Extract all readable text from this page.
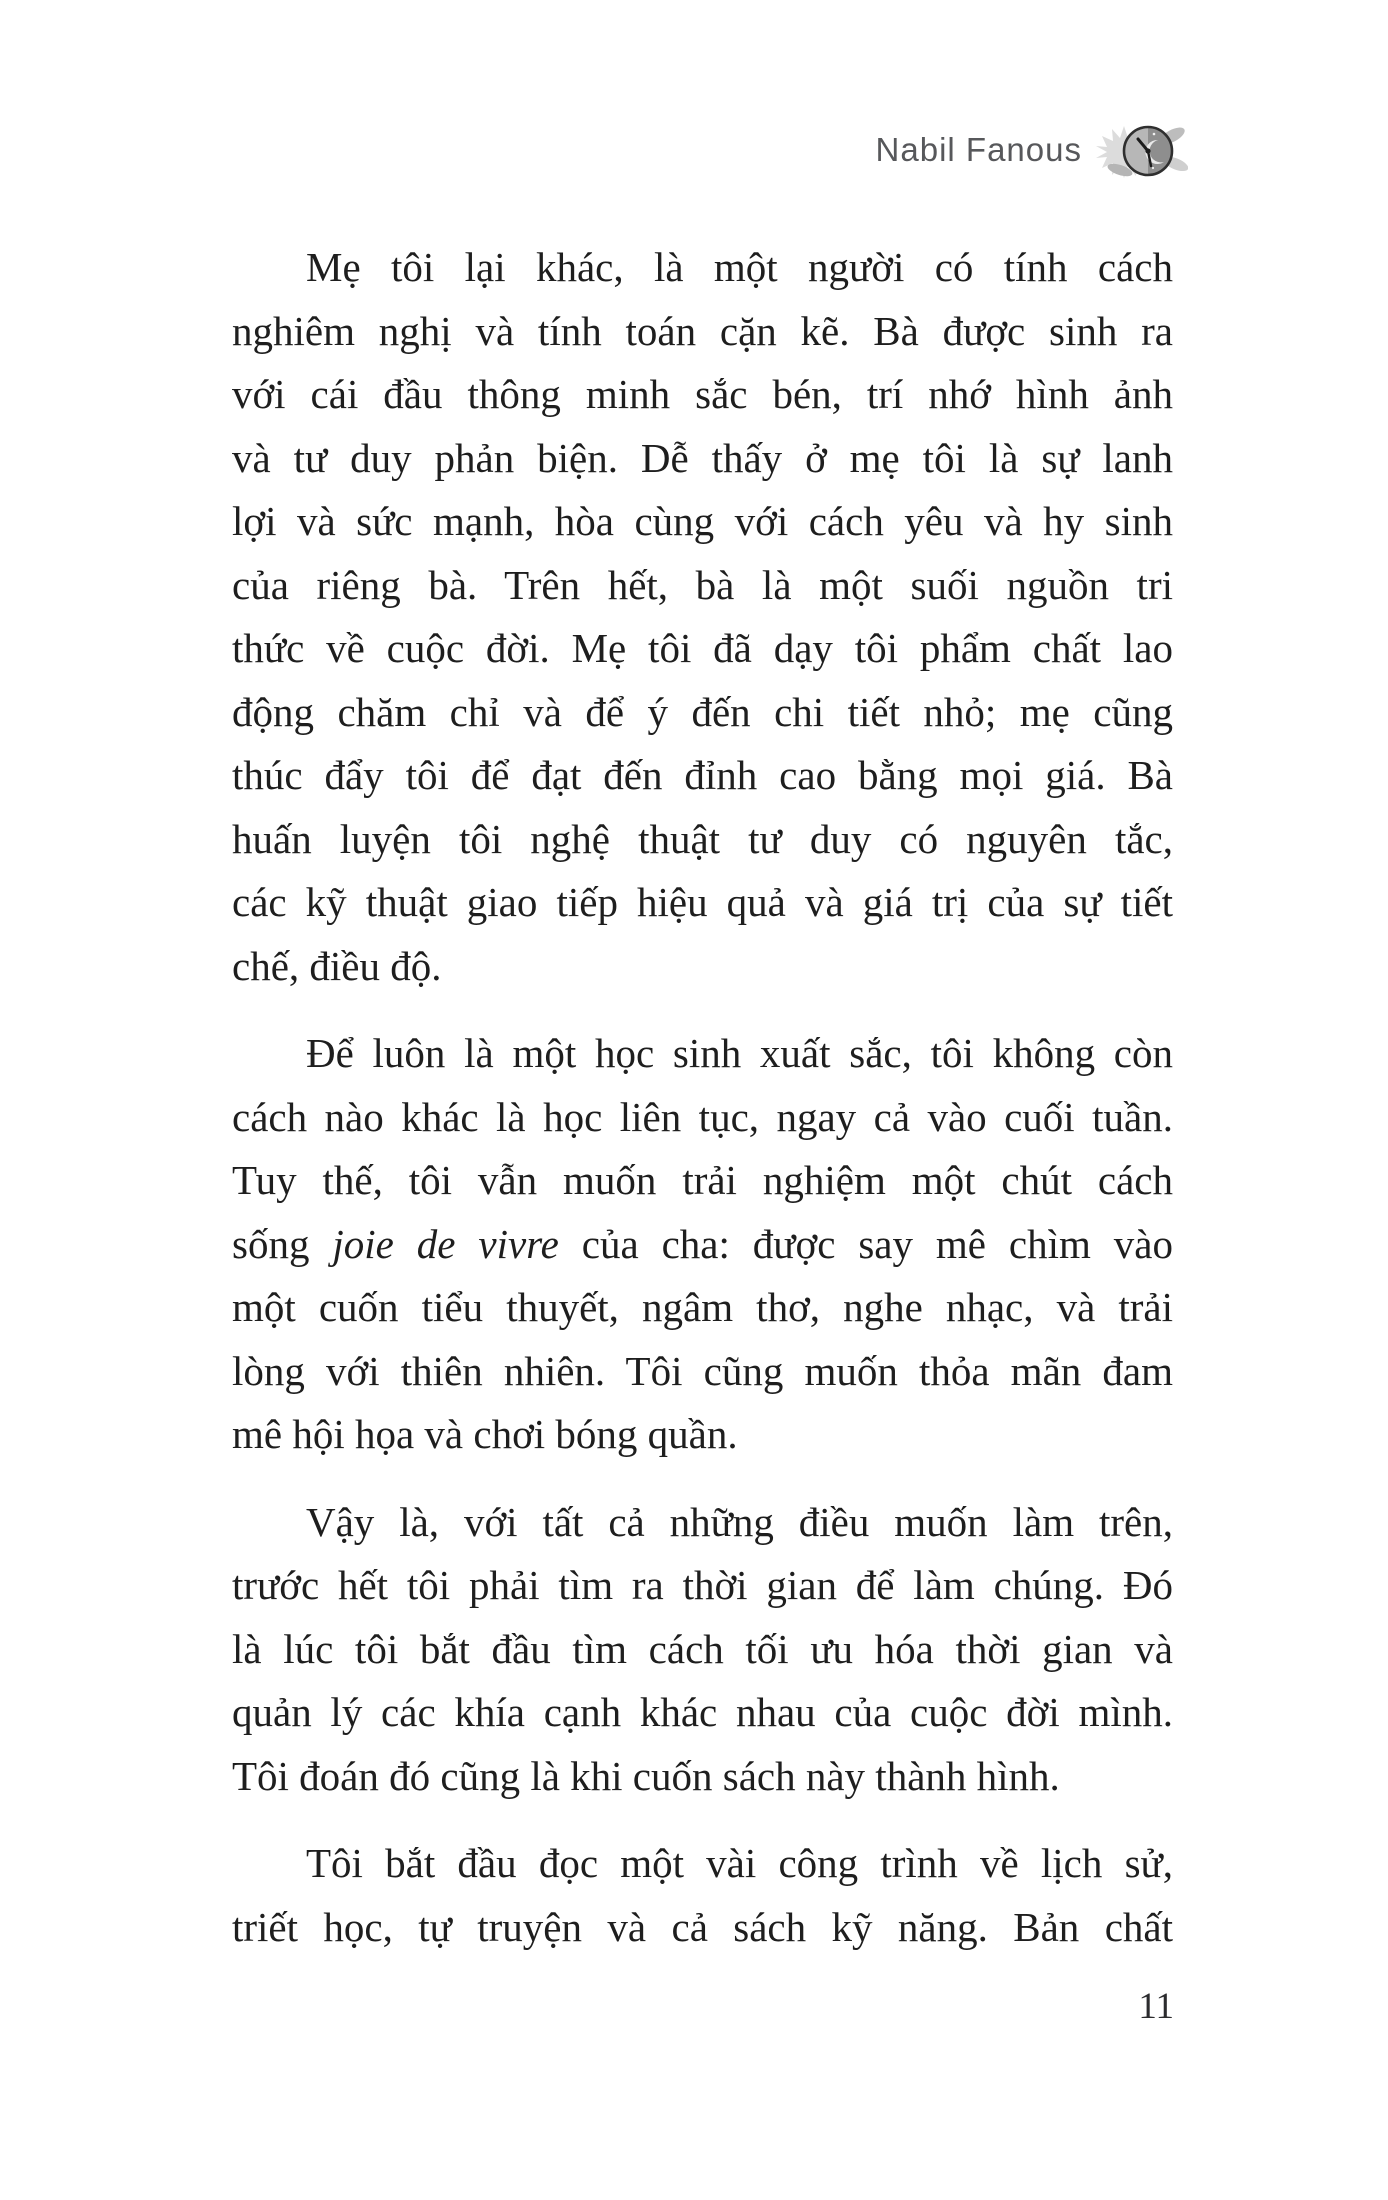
Nabil Fanous
Mẹ tôi lại khác, là một người có tính cách
nghiêm nghị và tính toán cặn kẽ. Bà được sinh ra
với cái đầu thông minh sắc bén, trí nhớ hình ảnh
và tư duy phản biện. Dễ thấy ở mẹ tôi là sự lanh
lợi và sức mạnh, hòa cùng với cách yêu và hy sinh
của riêng bà. Trên hết, bà là một suối nguồn tri
thức về cuộc đời. Mẹ tôi đã dạy tôi phẩm chất lao
động chăm chỉ và để ý đến chi tiết nhỏ; mẹ cũng
thúc đẩy tôi để đạt đến đỉnh cao bằng mọi giá. Bà
huấn luyện tôi nghệ thuật tư duy có nguyên tắc,
các kỹ thuật giao tiếp hiệu quả và giá trị của sự tiết
chế, điều độ.
Để luôn là một học sinh xuất sắc, tôi không còn
cách nào khác là học liên tục, ngay cả vào cuối tuần.
Tuy thế, tôi vẫn muốn trải nghiệm một chút cách
sống joie de vivre của cha: được say mê chìm vào
một cuốn tiểu thuyết, ngâm thơ, nghe nhạc, và trải
lòng với thiên nhiên. Tôi cũng muốn thỏa mãn đam
mê hội họa và chơi bóng quần.
Vậy là, với tất cả những điều muốn làm trên,
trước hết tôi phải tìm ra thời gian để làm chúng. Đó
là lúc tôi bắt đầu tìm cách tối ưu hóa thời gian và
quản lý các khía cạnh khác nhau của cuộc đời mình.
Tôi đoán đó cũng là khi cuốn sách này thành hình.
Tôi bắt đầu đọc một vài công trình về lịch sử,
triết học, tự truyện và cả sách kỹ năng. Bản chất
11
